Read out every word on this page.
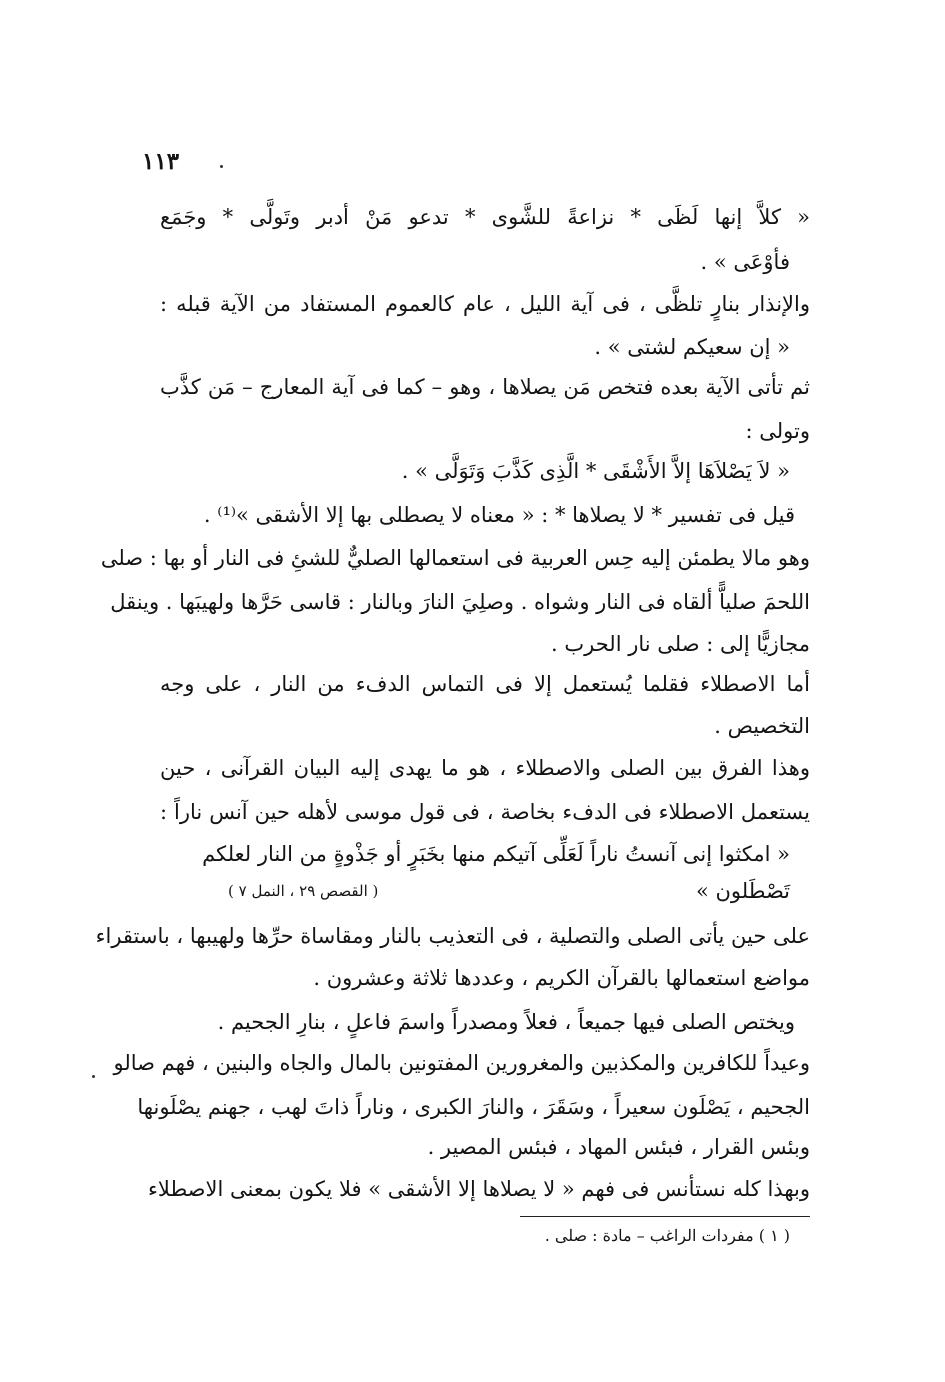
١١٣
« كلاَّ إنها لَظَى * نزاعةً للشَّوى * تدعو مَنْ أدبر وتَولَّى * وجَمَع
فأوْعَى » .
والإنذار بنارٍ تلظَّى ، فى آية الليل ، عام كالعموم المستفاد من الآية قبله :
« إن سعيكم لشتى » .
ثم تأتى الآية بعده فتخص مَن يصلاها ، وهو – كما فى آية المعارج – مَن كذَّب
وتولى :
« لاَ يَصْلاَهَا إلاَّ الأَشْقَى * الَّذِى كَذَّبَ وَتَوَلَّى » .
قيل فى تفسير * لا يصلاها * : « معناه لا يصطلى بها إلا الأشقى »⁽¹⁾ .
وهو مالا يطمئن إليه حِس العربية فى استعمالها الصليٌّ للشئِ فى النار أو بها : صلى
اللحمَ صلياًّ ألقاه فى النار وشواه . وصلِيَ النارَ وبالنار : قاسى حَرَّها ولهيبَها . وينقل
مجازيًّا إلى : صلى نار الحرب .
أما الاصطلاء فقلما يُستعمل إلا فى التماس الدفء من النار ، على وجه
التخصيص .
وهذا الفرق بين الصلى والاصطلاء ، هو ما يهدى إليه البيان القرآنى ، حين
يستعمل الاصطلاء فى الدفء بخاصة ، فى قول موسى لأهله حين آنس ناراً :
« امكثوا إنى آنستُ ناراً لَعَلِّى آتيكم منها بخَبَرٍ أو جَذْوةٍ من النار لعلكم
تَصْطَلون »
( القصص ٢٩ ، النمل ٧ )
على حين يأتى الصلى والتصلية ، فى التعذيب بالنار ومقاساة حرِّها ولهيبها ، باستقراء
مواضع استعمالها بالقرآن الكريم ، وعددها ثلاثة وعشرون .
ويختص الصلى فيها جميعاً ، فعلاً ومصدراً واسمَ فاعلٍ ، بنارِ الجحيم .
وعيداً للكافرين والمكذبين والمغرورين المفتونين بالمال والجاه والبنين ، فهم صالو
الجحيم ، يَصْلَون سعيراً ، وسَقَرَ ، والنارَ الكبرى ، وناراً ذاتَ لهب ، جهنم يصْلَونها
وبئس القرار ، فبئس المهاد ، فبئس المصير .
وبهذا كله نستأنس فى فهم « لا يصلاها إلا الأشقى » فلا يكون بمعنى الاصطلاء
( ١ ) مفردات الراغب – مادة : صلى .
